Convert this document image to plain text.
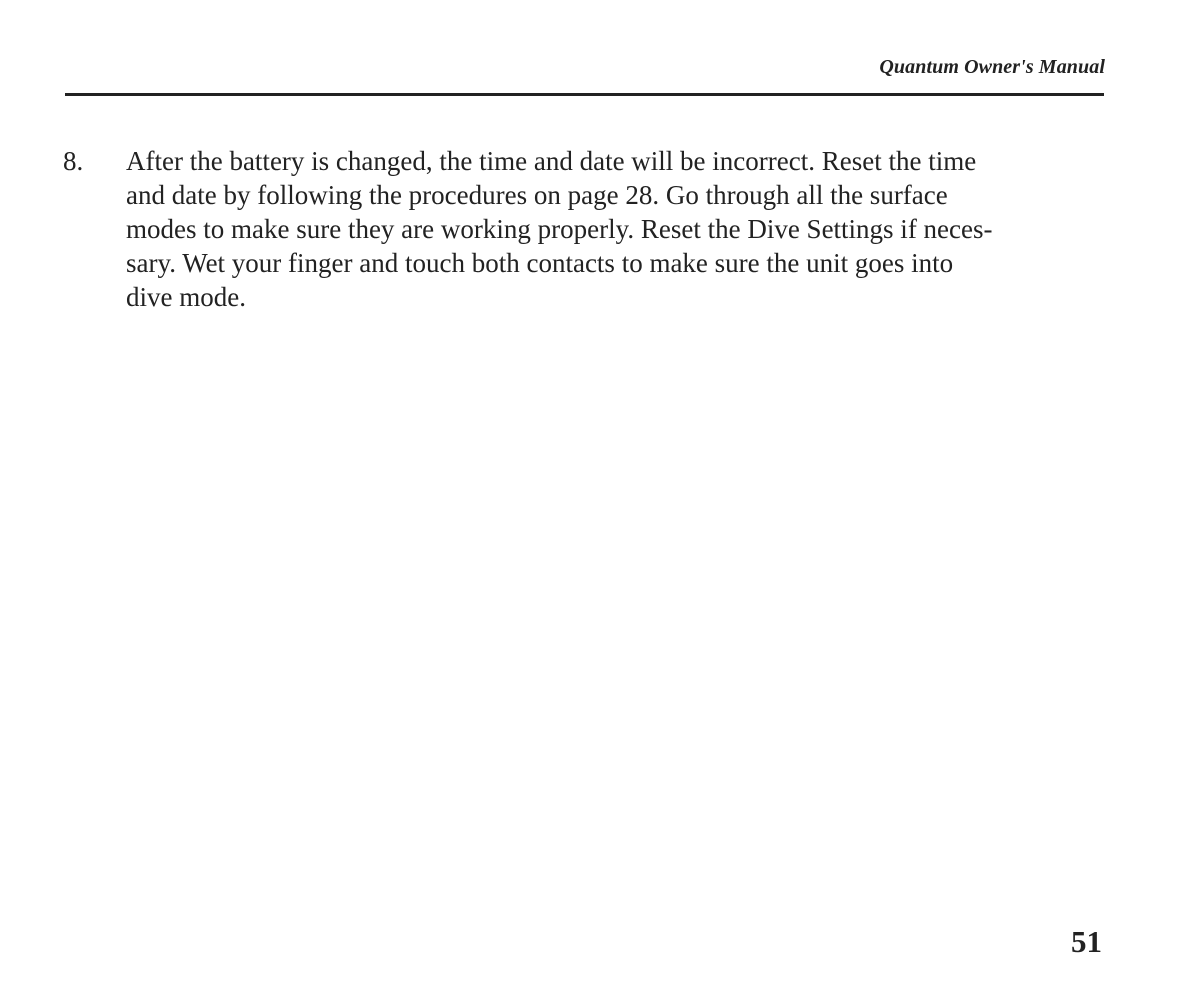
Quantum Owner's Manual
8.	After the battery is changed, the time and date will be incorrect. Reset the time
and date by following the procedures on page 28. Go through all the surface
modes to make sure they are working properly. Reset the Dive Settings if neces-
sary. Wet your finger and touch both contacts to make sure the unit goes into
dive mode.
51
